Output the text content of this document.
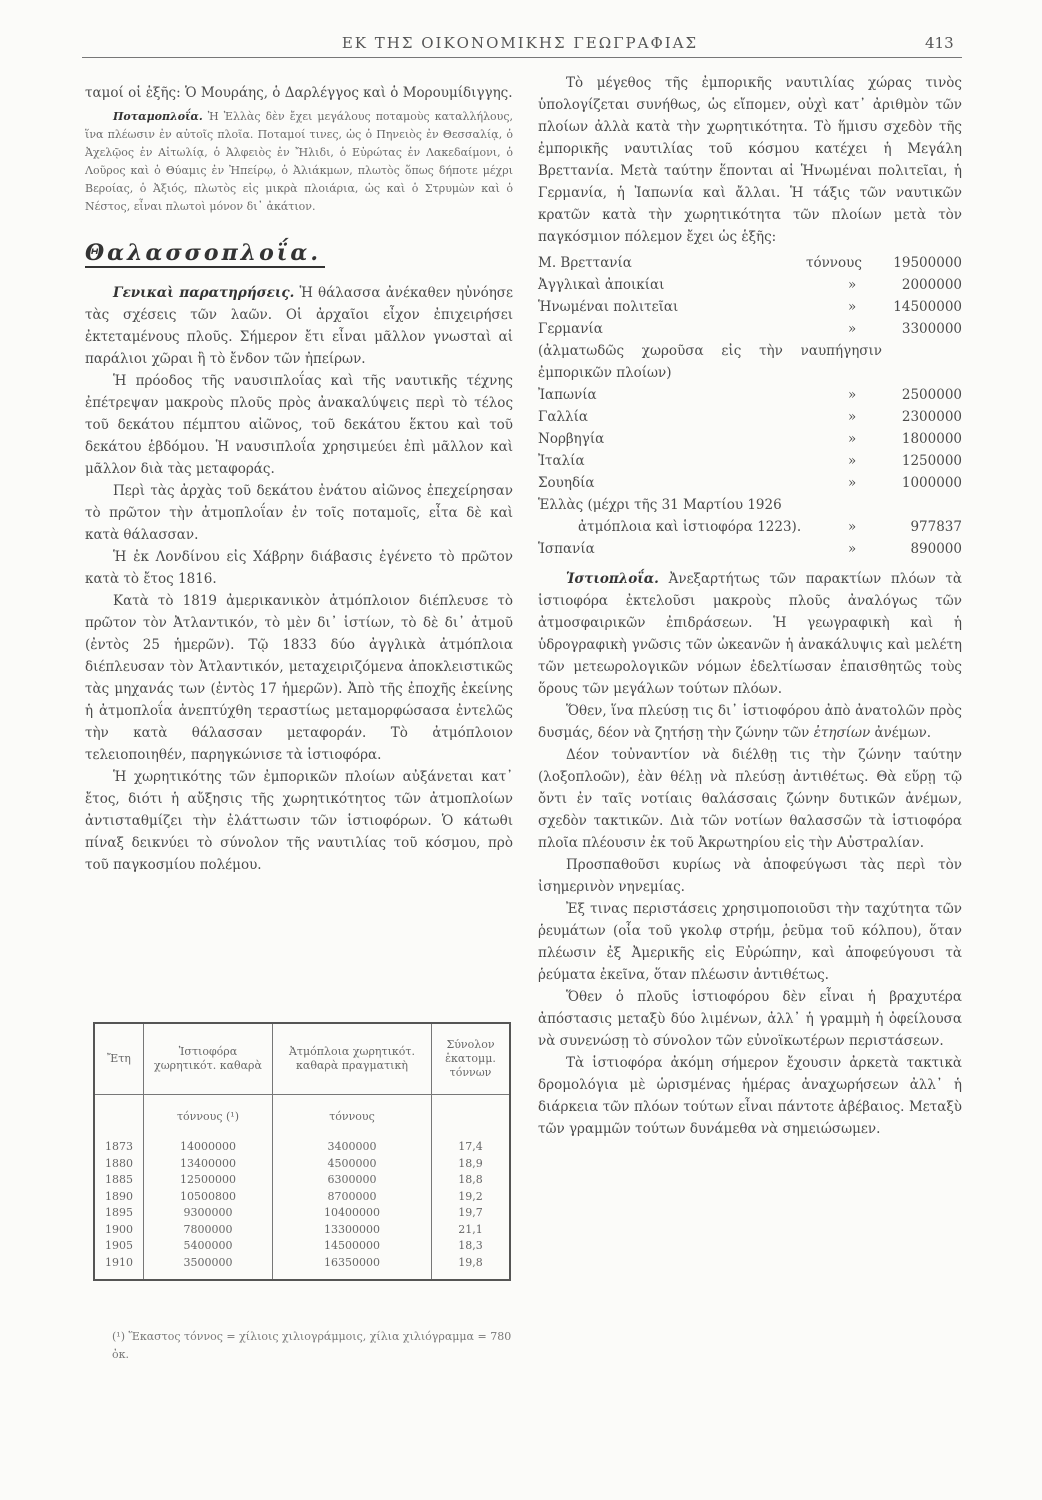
ΕΚ ΤΗΣ ΟΙΚΟΝΟΜΙΚΗΣ ΓΕΩΓΡΑΦΙΑΣ	413

ταμοί οἱ ἑξῆς: Ὁ Μουράης, ὁ Δαρλέγγος καὶ ὁ Μορουμίδιγγης.

Ποταμοπλοΐα. Ἡ Ἑλλὰς δὲν ἔχει μεγάλους ποταμοὺς καταλλήλους, ἵνα πλέωσιν ἐν αὐτοῖς πλοῖα. Ποταμοί τινες, ὡς ὁ Πηνειὸς ἐν Θεσσαλίᾳ, ὁ Ἀχελῷος ἐν Αἰτωλίᾳ, ὁ Ἀλφειὸς ἐν Ἤλιδι, ὁ Εὐρώτας ἐν Λακεδαίμονι, ὁ Λοῦρος καὶ ὁ Θύαμις ἐν Ἠπείρῳ, ὁ Ἀλιάκμων, πλωτὸς ὅπως δήποτε μέχρι Βεροίας, ὁ Ἀξιός, πλωτὸς εἰς μικρὰ πλοιάρια, ὡς καὶ ὁ Στρυμὼν καὶ ὁ Νέστος, εἶναι πλωτοὶ μόνον δι᾽ ἀκάτιον.

Θαλασσοπλοΐα.

Γενικαὶ παρατηρήσεις. Ἡ θάλασσα ἀνέκαθεν ηὐνόησε τὰς σχέσεις τῶν λαῶν. Οἱ ἀρχαῖοι εἶχον ἐπιχειρήσει ἐκτεταμένους πλοῦς. Σήμερον ἔτι εἶναι μᾶλλον γνωσταὶ αἱ παράλιοι χῶραι ἢ τὸ ἔνδον τῶν ἠπείρων.

Ἡ πρόοδος τῆς ναυσιπλοΐας καὶ τῆς ναυτικῆς τέχνης ἐπέτρεψαν μακροὺς πλοῦς πρὸς ἀνακαλύψεις περὶ τὸ τέλος τοῦ δεκάτου πέμπτου αἰῶνος, τοῦ δεκάτου ἕκτου καὶ τοῦ δεκάτου ἑβδόμου. Ἡ ναυσιπλοΐα χρησιμεύει ἐπὶ μᾶλλον καὶ μᾶλλον διὰ τὰς μεταφοράς.

Περὶ τὰς ἀρχὰς τοῦ δεκάτου ἐνάτου αἰῶνος ἐπεχείρησαν τὸ πρῶτον τὴν ἀτμοπλοΐαν ἐν τοῖς ποταμοῖς, εἶτα δὲ καὶ κατὰ θάλασσαν.

Ἡ ἐκ Λονδίνου εἰς Χάβρην διάβασις ἐγένετο τὸ πρῶτον κατὰ τὸ ἔτος 1816.

Κατὰ τὸ 1819 ἀμερικανικὸν ἀτμόπλοιον διέπλευσε τὸ πρῶτον τὸν Ἀτλαντικόν, τὸ μὲν δι᾽ ἱστίων, τὸ δὲ δι᾽ ἀτμοῦ (ἐντὸς 25 ἡμερῶν). Τῷ 1833 δύο ἀγγλικὰ ἀτμόπλοια διέπλευσαν τὸν Ἀτλαντικόν, μεταχειριζόμενα ἀποκλειστικῶς τὰς μηχανάς των (ἐντὸς 17 ἡμερῶν). Ἀπὸ τῆς ἐποχῆς ἐκείνης ἡ ἀτμοπλοΐα ἀνεπτύχθη τεραστίως μεταμορφώσασα ἐντελῶς τὴν κατὰ θάλασσαν μεταφοράν. Τὸ ἀτμόπλοιον τελειοποιηθέν, παρηγκώνισε τὰ ἱστιοφόρα.

Ἡ χωρητικότης τῶν ἐμπορικῶν πλοίων αὐξάνεται κατ᾽ ἔτος, διότι ἡ αὔξησις τῆς χωρητικότητος τῶν ἀτμοπλοίων ἀντισταθμίζει τὴν ἐλάττωσιν τῶν ἱστιοφόρων. Ὁ κάτωθι πίναξ δεικνύει τὸ σύνολον τῆς ναυτιλίας τοῦ κόσμου, πρὸ τοῦ παγκοσμίου πολέμου.

Ἔτη	Ἱστιοφόρα χωρητικότ. καθαρὰ	Ἀτμόπλοια χωρητικότ. καθαρὰ πραγματικὴ	Σύνολον ἑκατομμ. τόννων
	τόννους (¹)	τόννους	
1873	14000000	3400000	17,4
1880	13400000	4500000	18,9
1885	12500000	6300000	18,8
1890	10500800	8700000	19,2
1895	9300000	10400000	19,7
1900	7800000	13300000	21,1
1905	5400000	14500000	18,3
1910	3500000	16350000	19,8
(¹) Ἕκαστος τόννος = χίλιοις χιλιογράμμοις, χίλια χιλιόγραμμα = 780 ὀκ.

Τὸ μέγεθος τῆς ἐμπορικῆς ναυτιλίας χώρας τινὸς ὑπολογίζεται συνήθως, ὡς εἴπομεν, οὐχὶ κατ᾽ ἀριθμὸν τῶν πλοίων ἀλλὰ κατὰ τὴν χωρητικότητα. Τὸ ἥμισυ σχεδὸν τῆς ἐμπορικῆς ναυτιλίας τοῦ κόσμου κατέχει ἡ Μεγάλη Βρεττανία. Μετὰ ταύτην ἕπονται αἱ Ἡνωμέναι πολιτεῖαι, ἡ Γερμανία, ἡ Ἰαπωνία καὶ ἄλλαι. Ἡ τάξις τῶν ναυτικῶν κρατῶν κατὰ τὴν χωρητικότητα τῶν πλοίων μετὰ τὸν παγκόσμιον πόλεμον ἔχει ὡς ἑξῆς:

Μ. Βρεττανία	τόννους 19500000
Ἀγγλικαὶ ἀποικίαι	»	2000000
Ἡνωμέναι πολιτεῖαι	»	14500000
Γερμανία	»	3300000

(ἀλματωδῶς χωροῦσα εἰς τὴν ναυπήγησιν ἐμπορικῶν πλοίων)

Ἰαπωνία	»	2500000
Γαλλία	»	2300000
Νορβηγία	»	1800000
Ἰταλία	»	1250000
Σουηδία	»	1000000
Ἑλλὰς (μέχρι τῆς 31 Μαρτίου 1926
ἀτμόπλοια καὶ ἱστιοφόρα 1223).	»	977837
Ἱσπανία	»	890000

Ἱστιοπλοΐα. Ἀνεξαρτήτως τῶν παρακτίων πλόων τὰ ἱστιοφόρα ἐκτελοῦσι μακροὺς πλοῦς ἀναλόγως τῶν ἀτμοσφαιρικῶν ἐπιδράσεων. Ἡ γεωγραφικὴ καὶ ἡ ὑδρογραφικὴ γνῶσις τῶν ὠκεανῶν ἡ ἀνακάλυψις καὶ μελέτη τῶν μετεωρολογικῶν νόμων ἐδελτίωσαν ἐπαισθητῶς τοὺς ὅρους τῶν μεγάλων τούτων πλόων.

Ὅθεν, ἵνα πλεύσῃ τις δι᾽ ἱστιοφόρου ἀπὸ ἀνατολῶν πρὸς δυσμάς, δέον νὰ ζητήσῃ τὴν ζώνην τῶν ἐτησίων ἀνέμων.

Δέον τοὐναντίον νὰ διέλθῃ τις τὴν ζώνην ταύτην (λοξοπλοῶν), ἐὰν θέλῃ νὰ πλεύσῃ ἀντιθέτως. Θὰ εὕρῃ τῷ ὄντι ἐν ταῖς νοτίαις θαλάσσαις ζώνην δυτικῶν ἀνέμων, σχεδὸν τακτικῶν. Διὰ τῶν νοτίων θαλασσῶν τὰ ἱστιοφόρα πλοῖα πλέουσιν ἐκ τοῦ Ἀκρωτηρίου εἰς τὴν Αὐστραλίαν.

Προσπαθοῦσι κυρίως νὰ ἀποφεύγωσι τὰς περὶ τὸν ἰσημερινὸν νηνεμίας.

Ἐξ τινας περιστάσεις χρησιμοποιοῦσι τὴν ταχύτητα τῶν ῥευμάτων (οἷα τοῦ γκολφ στρήμ, ῥεῦμα τοῦ κόλπου), ὅταν πλέωσιν ἐξ Ἀμερικῆς εἰς Εὐρώπην, καὶ ἀποφεύγουσι τὰ ῥεύματα ἐκεῖνα, ὅταν πλέωσιν ἀντιθέτως.

Ὅθεν ὁ πλοῦς ἱστιοφόρου δὲν εἶναι ἡ βραχυτέρα ἀπόστασις μεταξὺ δύο λιμένων, ἀλλ᾽ ἡ γραμμὴ ἡ ὀφείλουσα νὰ συνενώσῃ τὸ σύνολον τῶν εὐνοϊκωτέρων περιστάσεων.

Τὰ ἱστιοφόρα ἀκόμη σήμερον ἔχουσιν ἀρκετὰ τακτικὰ δρομολόγια μὲ ὡρισμένας ἡμέρας ἀναχωρήσεων ἀλλ᾽ ἡ διάρκεια τῶν πλόων τούτων εἶναι πάντοτε ἀβέβαιος. Μεταξὺ τῶν γραμμῶν τούτων δυνάμεθα νὰ σημειώσωμεν.
